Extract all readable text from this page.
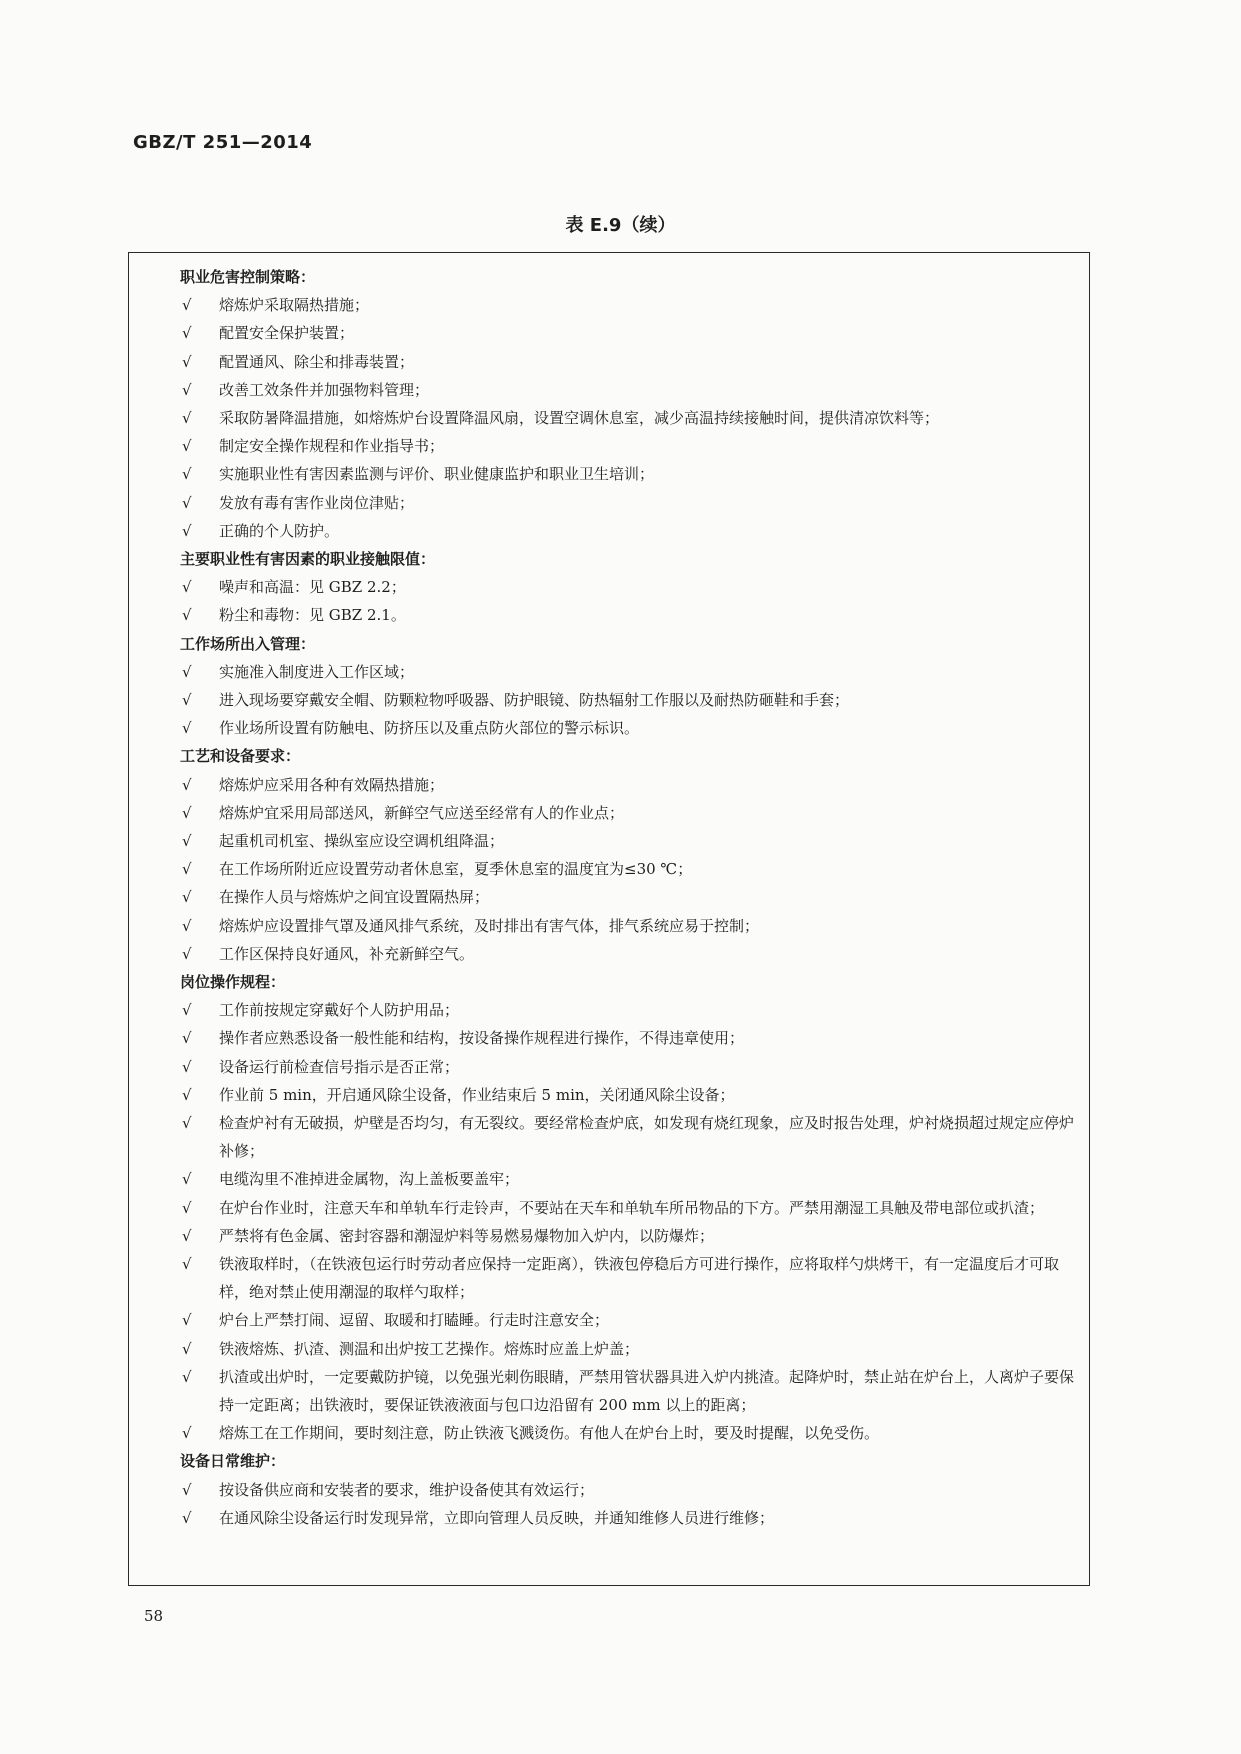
GBZ/T 251—2014
表 E.9（续）
职业危害控制策略：
√ 熔炼炉采取隔热措施；
√ 配置安全保护装置；
√ 配置通风、除尘和排毒装置；
√ 改善工效条件并加强物料管理；
√ 采取防暑降温措施，如熔炼炉台设置降温风扇，设置空调休息室，减少高温持续接触时间，提供清凉饮料等；
√ 制定安全操作规程和作业指导书；
√ 实施职业性有害因素监测与评价、职业健康监护和职业卫生培训；
√ 发放有毒有害作业岗位津贴；
√ 正确的个人防护。
主要职业性有害因素的职业接触限值：
√ 噪声和高温：见 GBZ 2.2；
√ 粉尘和毒物：见 GBZ 2.1。
工作场所出入管理：
√ 实施准入制度进入工作区域；
√ 进入现场要穿戴安全帽、防颗粒物呼吸器、防护眼镜、防热辐射工作服以及耐热防砸鞋和手套；
√ 作业场所设置有防触电、防挤压以及重点防火部位的警示标识。
工艺和设备要求：
√ 熔炼炉应采用各种有效隔热措施；
√ 熔炼炉宜采用局部送风，新鲜空气应送至经常有人的作业点；
√ 起重机司机室、操纵室应设空调机组降温；
√ 在工作场所附近应设置劳动者休息室，夏季休息室的温度宜为≤30 ℃；
√ 在操作人员与熔炼炉之间宜设置隔热屏；
√ 熔炼炉应设置排气罩及通风排气系统，及时排出有害气体，排气系统应易于控制；
√ 工作区保持良好通风，补充新鲜空气。
岗位操作规程：
√ 工作前按规定穿戴好个人防护用品；
√ 操作者应熟悉设备一般性能和结构，按设备操作规程进行操作，不得违章使用；
√ 设备运行前检查信号指示是否正常；
√ 作业前 5 min，开启通风除尘设备，作业结束后 5 min，关闭通风除尘设备；
√ 检查炉衬有无破损，炉壁是否均匀，有无裂纹。要经常检查炉底，如发现有烧红现象，应及时报告处理，炉衬烧损超过规定应停炉补修；
√ 电缆沟里不准掉进金属物，沟上盖板要盖牢；
√ 在炉台作业时，注意天车和单轨车行走铃声，不要站在天车和单轨车所吊物品的下方。严禁用潮湿工具触及带电部位或扒渣；
√ 严禁将有色金属、密封容器和潮湿炉料等易燃易爆物加入炉内，以防爆炸；
√ 铁液取样时，（在铁液包运行时劳动者应保持一定距离），铁液包停稳后方可进行操作，应将取样勺烘烤干，有一定温度后才可取样，绝对禁止使用潮湿的取样勺取样；
√ 炉台上严禁打闹、逗留、取暖和打瞌睡。行走时注意安全；
√ 铁液熔炼、扒渣、测温和出炉按工艺操作。熔炼时应盖上炉盖；
√ 扒渣或出炉时，一定要戴防护镜，以免强光刺伤眼睛，严禁用管状器具进入炉内挑渣。起降炉时，禁止站在炉台上，人离炉子要保持一定距离；出铁液时，要保证铁液液面与包口边沿留有 200 mm 以上的距离；
√ 熔炼工在工作期间，要时刻注意，防止铁液飞溅烫伤。有他人在炉台上时，要及时提醒，以免受伤。
设备日常维护：
√ 按设备供应商和安装者的要求，维护设备使其有效运行；
√ 在通风除尘设备运行时发现异常，立即向管理人员反映，并通知维修人员进行维修；
58
